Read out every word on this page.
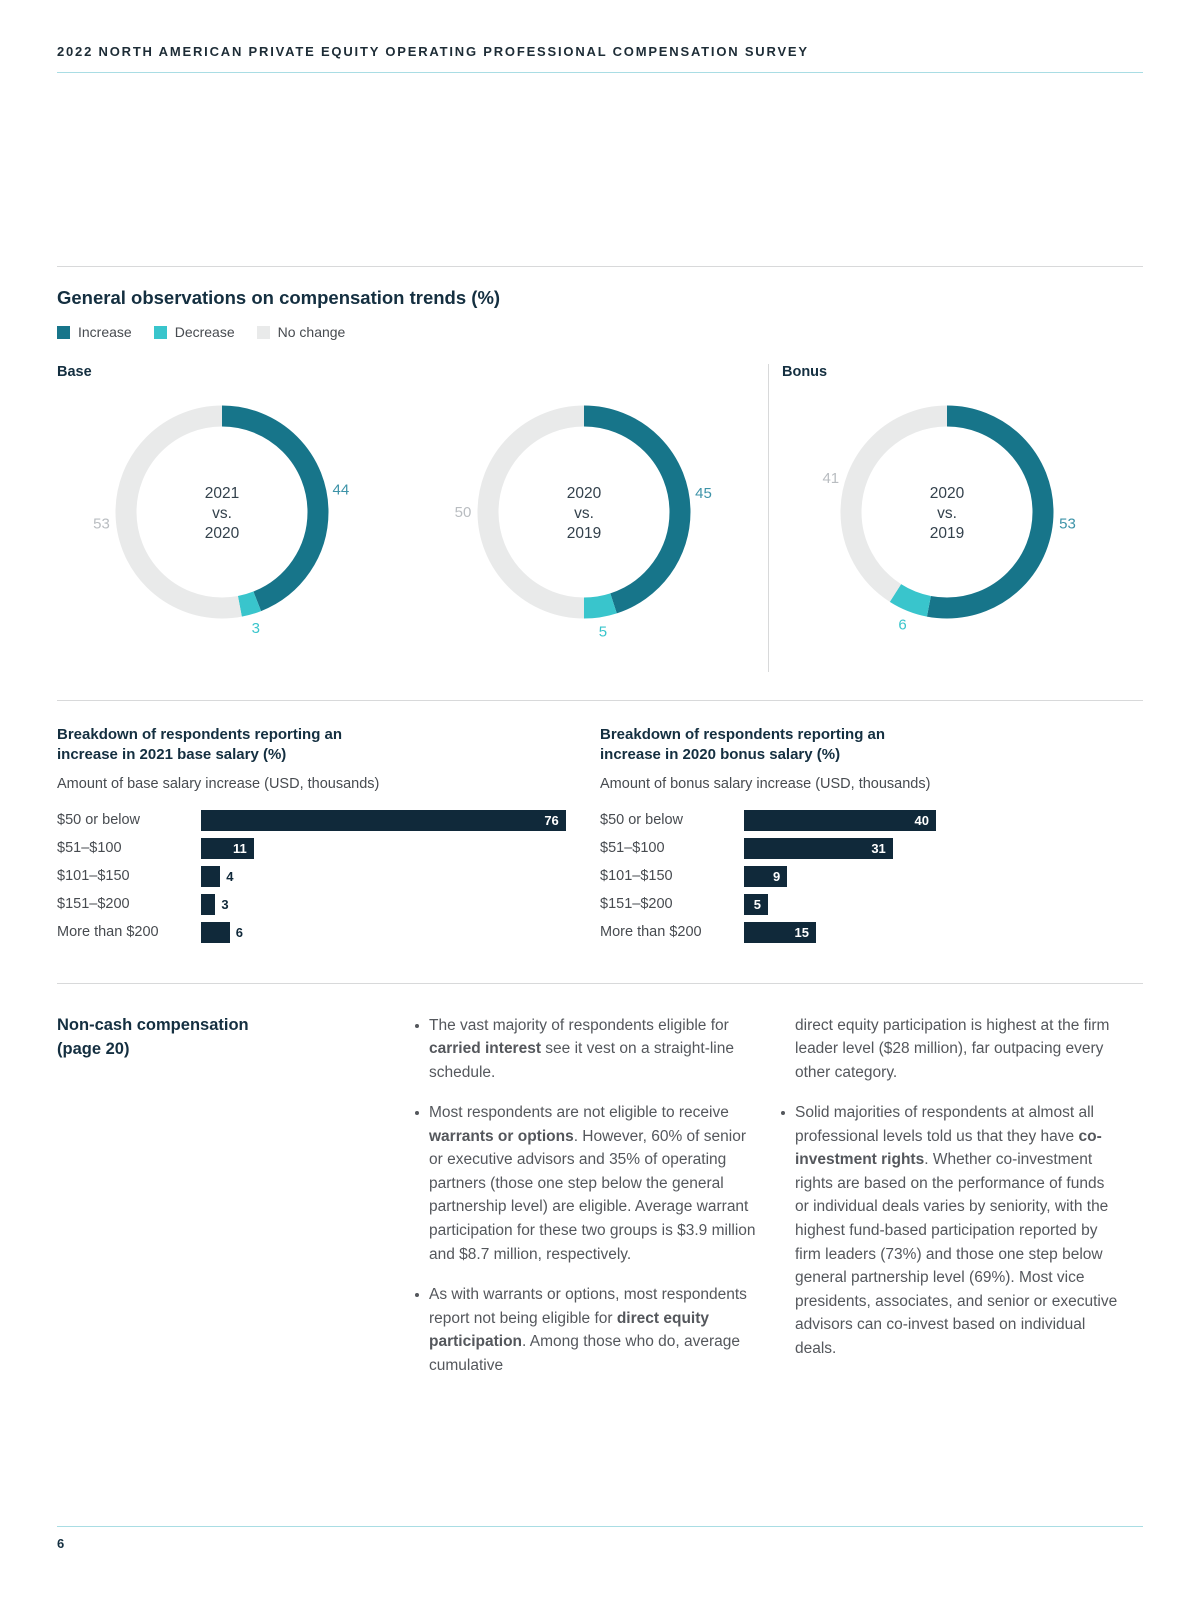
2022 NORTH AMERICAN PRIVATE EQUITY OPERATING PROFESSIONAL COMPENSATION SURVEY
General observations on compensation trends (%)
Increase	Decrease	No change
Base
44
3
53
2021
vs.
2020
45
5
50
2020
vs.
2019
Bonus
53
6
41
2020
vs.
2019
Breakdown of respondents reporting an increase in 2021 base salary (%)
Amount of base salary increase (USD, thousands)
$50 or below	76
$51–$100	11
$101–$150	4
$151–$200	3
More than $200	6
Breakdown of respondents reporting an increase in 2020 bonus salary (%)
Amount of bonus salary increase (USD, thousands)
$50 or below	40
$51–$100	31
$101–$150	9
$151–$200	5
More than $200	15
Non-cash compensation
(page 20)
The vast majority of respondents eligible for carried interest see it vest on a straight-line schedule.
Most respondents are not eligible to receive warrants or options. However, 60% of senior or executive advisors and 35% of operating partners (those one step below the general partnership level) are eligible. Average warrant participation for these two groups is $3.9 million and $8.7 million, respectively.
As with warrants or options, most respondents report not being eligible for direct equity participation. Among those who do, average cumulative
direct equity participation is highest at the firm leader level ($28 million), far outpacing every other category.
Solid majorities of respondents at almost all professional levels told us that they have co-investment rights. Whether co-investment rights are based on the performance of funds or individual deals varies by seniority, with the highest fund-based participation reported by firm leaders (73%) and those one step below general partnership level (69%). Most vice presidents, associates, and senior or executive advisors can co-invest based on individual deals.
6
